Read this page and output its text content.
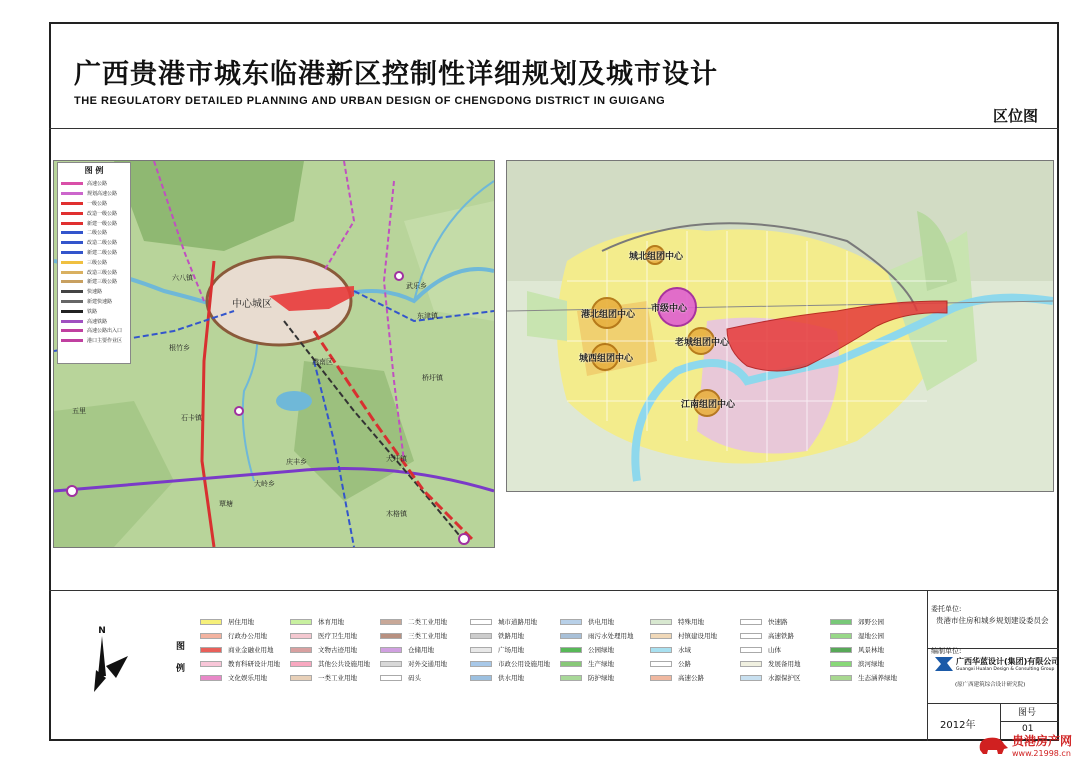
广西贵港市城东临港新区控制性详细规划及城市设计
THE REGULATORY DETAILED PLANNING AND URBAN DESIGN OF CHENGDONG DISTRICT IN GUIGANG
区位图
图 例
高速公路
规划高速公路
一级公路
改造一级公路
新建一级公路
二级公路
改造二级公路
新建二级公路
三级公路
改造三级公路
新建三级公路
快速路
新建快速路
铁路
高速铁路
高速公路出入口
港口主要作业区
中心城区
根竹乡
石卡镇
五里
大圩镇
六八镇
武乐乡
东津镇
覃塘
庆丰乡
木格镇
大岭乡
港南区
桥圩镇
城北组团中心
港北组团中心
市级中心
老城组团中心
城西组团中心
江南组团中心
图例
N
居住用地
行政办公用地
商业金融业用地
教育科研设计用地
文化娱乐用地
体育用地
医疗卫生用地
文物古迹用地
其他公共设施用地
一类工业用地
二类工业用地
三类工业用地
仓储用地
对外交通用地
码头
城市道路用地
铁路用地
广场用地
市政公用设施用地
供水用地
供电用地
雨污水处理用地
公园绿地
生产绿地
防护绿地
特殊用地
村镇建设用地
水域
公路
高速公路
快速路
高速铁路
山体
发展备用地
水源保护区
郊野公园
湿地公园
风景林地
滨河绿地
生态涵养绿地
委托单位:
贵港市住房和城乡规划建设委员会
编制单位:
广西华蓝设计(集团)有限公司
Guangxi Hualan Design & Consulting Group
(原广西建筑综合设计研究院)
2012年
图号
01
贵港房产网
www.21998.cn
